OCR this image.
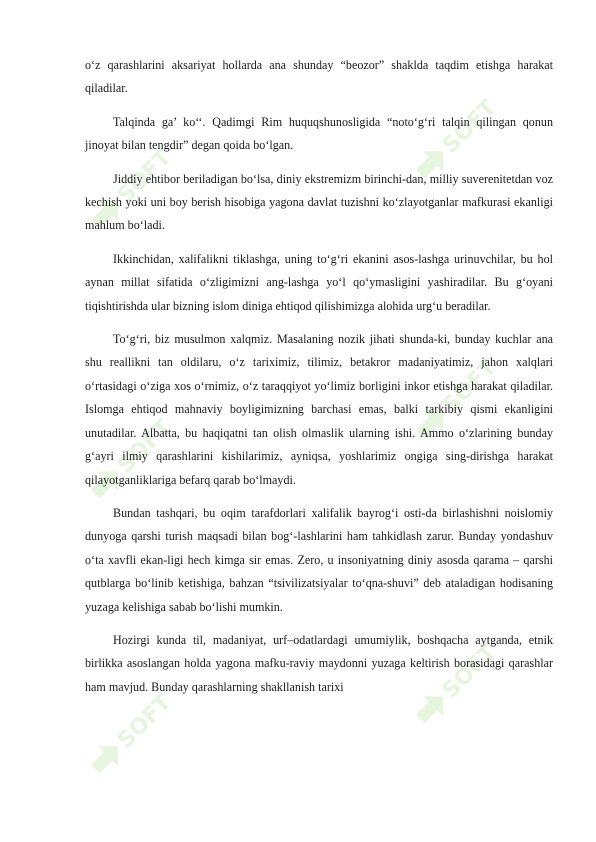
SOFT
SOFT
SOFT
SOFT
SOFT
SOFT

o‘z qarashlarini aksariyat hollarda ana shunday “beozor” shaklda taqdim etishga harakat qiladilar.

Talqinda ga’ ko‘‘. Qadimgi Rim huquqshunosligida “noto‘g‘ri talqin qilingan qonun jinoyat bilan tengdir” degan qoida bo‘lgan.

Jiddiy ehtibor beriladigan bo‘lsa, diniy ekstremizm birinchi-dan, milliy suverenitetdan voz kechish yoki uni boy berish hisobiga yagona davlat tuzishni ko‘zlayotganlar mafkurasi ekanligi mahlum bo‘ladi.

Ikkinchidan, xalifalikni tiklashga, uning to‘g‘ri ekanini asos-lashga urinuvchilar, bu hol aynan millat sifatida o‘zligimizni ang-lashga yo‘l qo‘ymasligini yashiradilar. Bu g‘oyani tiqishtirishda ular bizning islom diniga ehtiqod qilishimizga alohida urg‘u beradilar.

To‘g‘ri, biz musulmon xalqmiz. Masalaning nozik jihati shunda-ki, bunday kuchlar ana shu reallikni tan oldilaru, o‘z tariximiz, tilimiz, betakror madaniyatimiz, jahon xalqlari o‘rtasidagi o‘ziga xos o‘rnimiz, o‘z taraqqiyot yo‘limiz borligini inkor etishga harakat qiladilar. Islomga ehtiqod mahnaviy boyligimizning barchasi emas, balki tarkibiy qismi ekanligini unutadilar. Albatta, bu haqiqatni tan olish olmaslik ularning ishi. Ammo o‘zlarining bunday g‘ayri ilmiy qarashlarini kishilarimiz, ayniqsa, yoshlarimiz ongiga sing-dirishga harakat qilayotganliklariga befarq qarab bo‘lmaydi.

Bundan tashqari, bu oqim tarafdorlari xalifalik bayrog‘i osti-da birlashishni noislomiy dunyoga qarshi turish maqsadi bilan bog‘-lashlarini ham tahkidlash zarur. Bunday yondashuv o‘ta xavfli ekan-ligi hech kimga sir emas. Zero, u insoniyatning diniy asosda qarama – qarshi qutblarga bo‘linib ketishiga, bahzan “tsivilizatsiyalar to‘qna-shuvi” deb ataladigan hodisaning yuzaga kelishiga sabab bo‘lishi mumkin.

Hozirgi kunda til, madaniyat, urf–odatlardagi umumiylik, boshqacha aytganda, etnik birlikka asoslangan holda yagona mafku-raviy maydonni yuzaga keltirish borasidagi qarashlar ham mavjud. Bunday qarashlarning shakllanish tarixi
